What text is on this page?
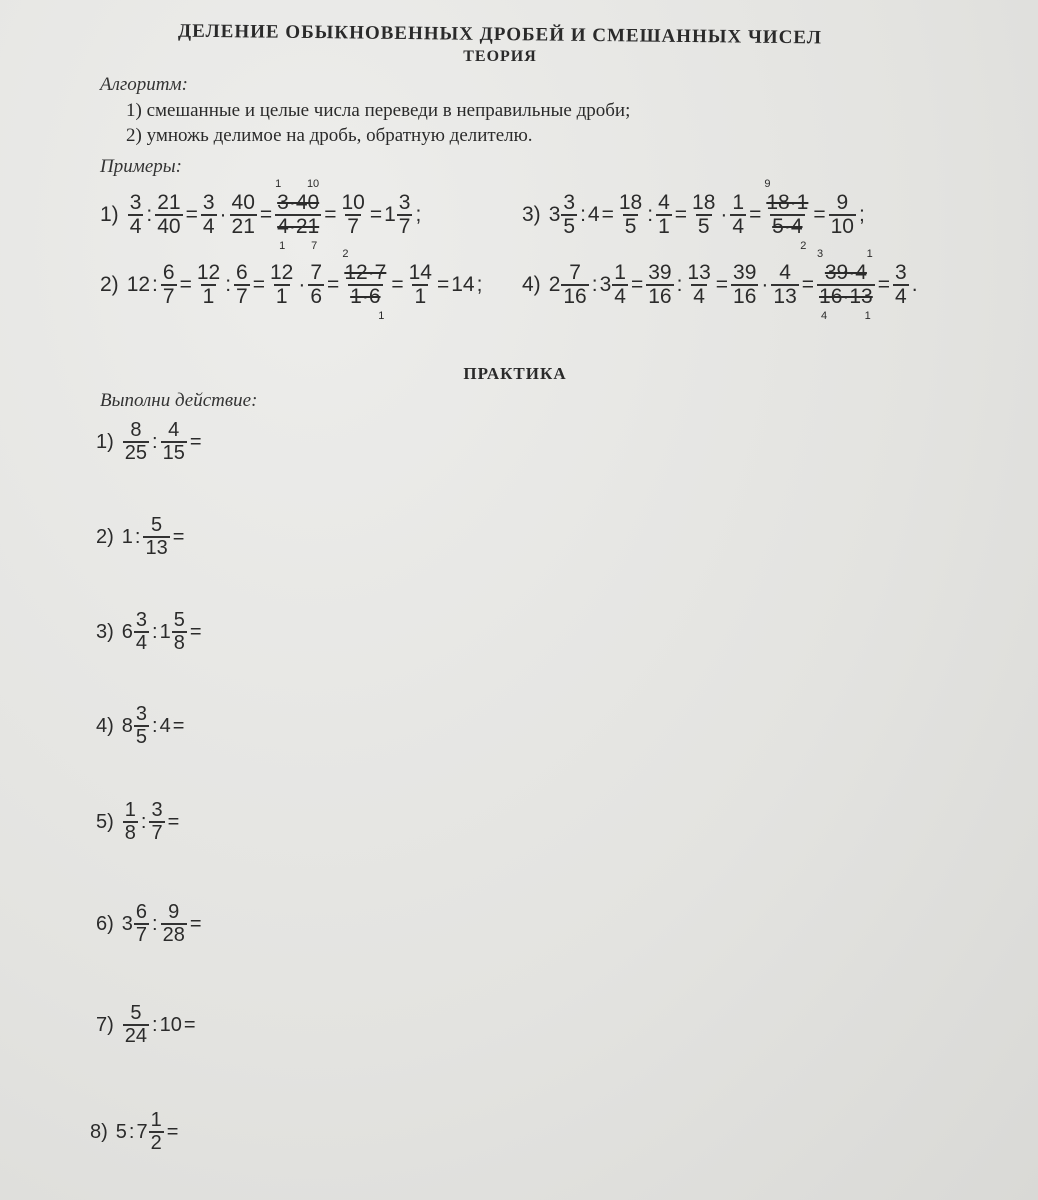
ДЕЛЕНИЕ ОБЫКНОВЕННЫХ ДРОБЕЙ И СМЕШАННЫХ ЧИСЕЛ
ТЕОРИЯ
Алгоритм:
1) смешанные и целые числа переведи в неправильные дроби;
2) умножь делимое на дробь, обратную делителю.
Примеры:
$1) \frac{3}{4}$ : $\frac{21}{40} = \frac{3}{4} \cdot \frac{40}{21}$ =
1 10
3·40
4·21
1 7
= $\frac{10}{7} = 1 \frac{3}{7}$ ;	3) $3 \frac{3}{5}$ : $4 = \frac{18}{5}$ : $\frac{4}{1} = \frac{18}{5} \cdot \frac{1}{4}$ =
9
18·1
5·4
2
= $\frac{9}{10}$ ;
2) 12 : $\frac{6}{7} = \frac{12}{1}$ : $\frac{6}{7} = \frac{12}{1} \cdot \frac{7}{6}$ =
2
12·7
1·6
1
= $\frac{14}{1} = 14$ ; 4) $2 \frac{7}{16}$ : $3 \frac{1}{4} = \frac{39}{16}$ : $\frac{13}{4} = \frac{39}{16} \cdot \frac{4}{13}$ =
3	1
39·4
16·13
4	1
= $\frac{3}{4}$ .
ПРАКТИКА
Выполни действие:
$1) \frac{8}{25}$ : $\frac{4}{15}$ =
2) 1 : $\frac{5}{13}$ =
3) $6 \frac{3}{4}$ : $1 \frac{5}{8}$ =
4) $8 \frac{3}{5}$ : 4 =
$5) \frac{1}{8}$ : $\frac{3}{7}$ =
6) $3 \frac{6}{7}$ : $\frac{9}{28}$ =
$7) \frac{5}{24}$ : 10 =
8) 5 : $7 \frac{1}{2}$ =
